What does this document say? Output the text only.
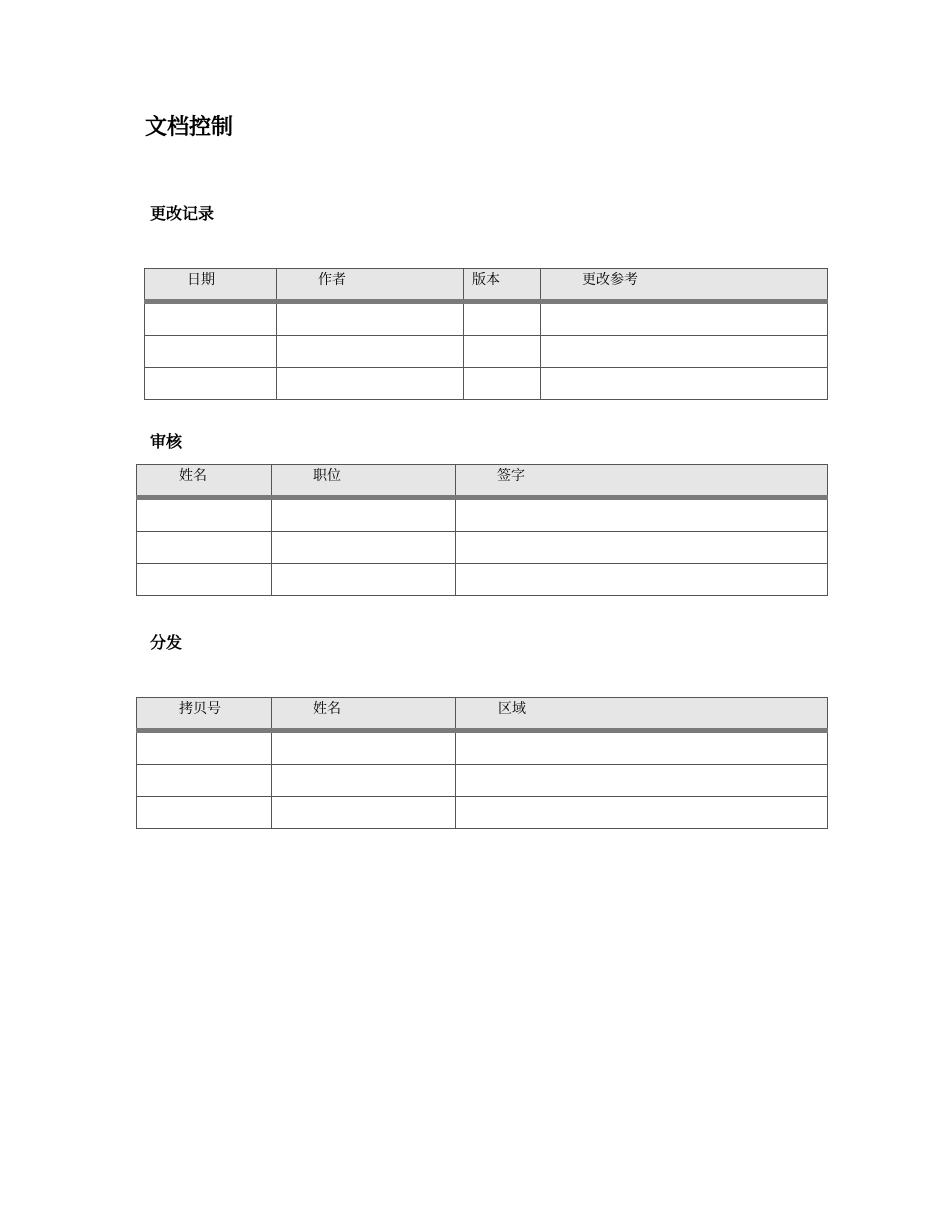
文档控制
更改记录
日期	作者	版本	更改参考

审核
姓名	职位	签字

分发
拷贝号	姓名	区域
